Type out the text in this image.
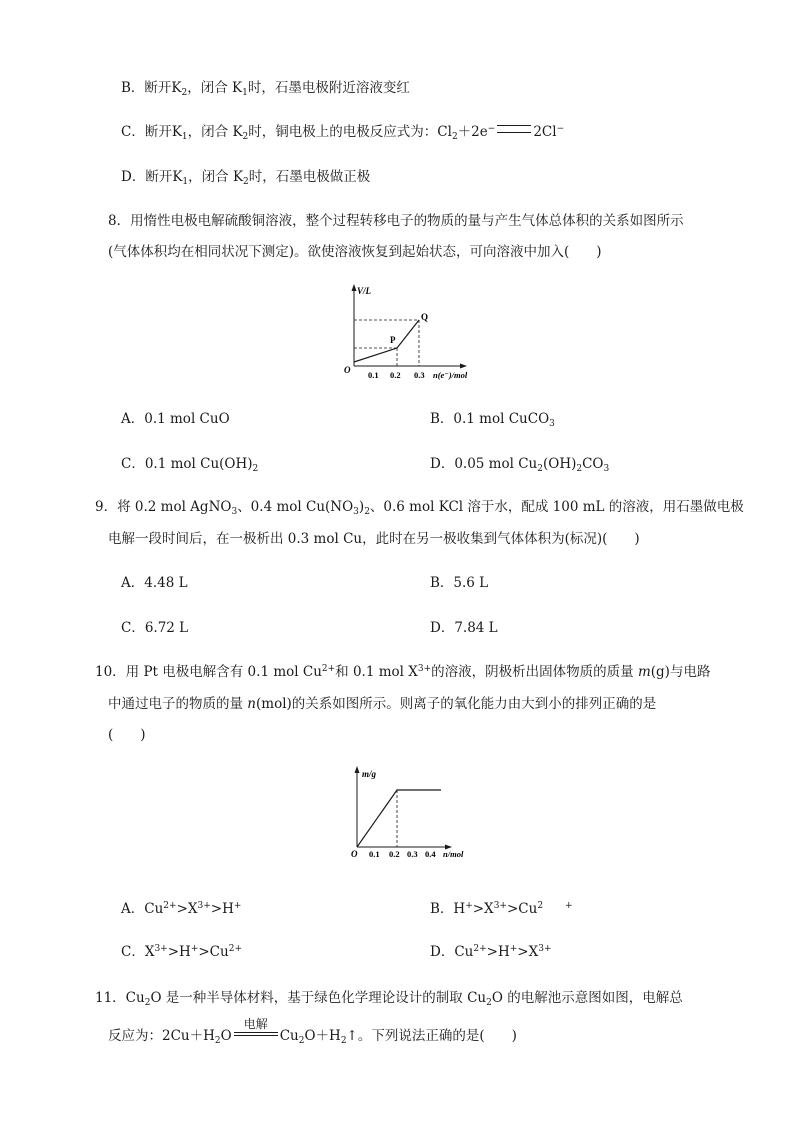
B．断开$K_2$，闭合 $K_1$时，石墨电极附近溶液变红
C．断开$K_1$，闭合 $K_2$时，铜电极上的电极反应式为：$Cl_2+2e^-$	2Cl−
D．断开$K_1$，闭合 $K_2$时，石墨电极做正极
8．用惰性电极电解硫酸铜溶液，整个过程转移电子的物质的量与产生气体总体积的关系如图所示
(气体体积均在相同状况下测定)。欲使溶液恢复到起始状态，可向溶液中加入(　　)
V/L
O
P
Q
0.1 0.2 0.3 n(e⁻)/mol
A．0.1 mol CuO	B．0.1 mol CuCO$_3$
C．0.1 mol $Cu(OH)_2$	D．0.05 mol $Cu_2(OH)_2CO_3$
9．将 0.2 mol AgNO$_3$、0.4 mol $Cu(NO_3)_2$、0.6 mol KCl 溶于水，配成 100 mL 的溶液，用石墨做电极
电解一段时间后，在一极析出 0.3 mol Cu，此时在另一极收集到气体体积为(标况)(　　)
A．4.48 L	B．5.6 L
C．6.72 L	D．7.84 L
10．用 Pt 电极电解含有 0.1 mol $Cu^{2+}$和 0.1 mol $X^{3+}$的溶液，阴极析出固体物质的质量 m(g)与电路
中通过电子的物质的量 n(mol)的关系如图所示。则离子的氧化能力由大到小的排列正确的是
(　　)
m/g
O 0.1 0.2 0.3 0.4 n/mol
A．$Cu^{2+}>X^{3+}>H^+$	B．$H^+>X^{3+}>Cu^2$ +
C．$X^{3+}>H^+>Cu^{2+}$	D．$Cu^{2+}>H^+>X^{3+}$
11．$Cu_2O$ 是一种半导体材料，基于绿色化学理论设计的制取 $Cu_2O$ 的电解池示意图如图，电解总
反应为：$2Cu+H_2O$
电解
$Cu_2O+H_2↑$。下列说法正确的是(　　)
